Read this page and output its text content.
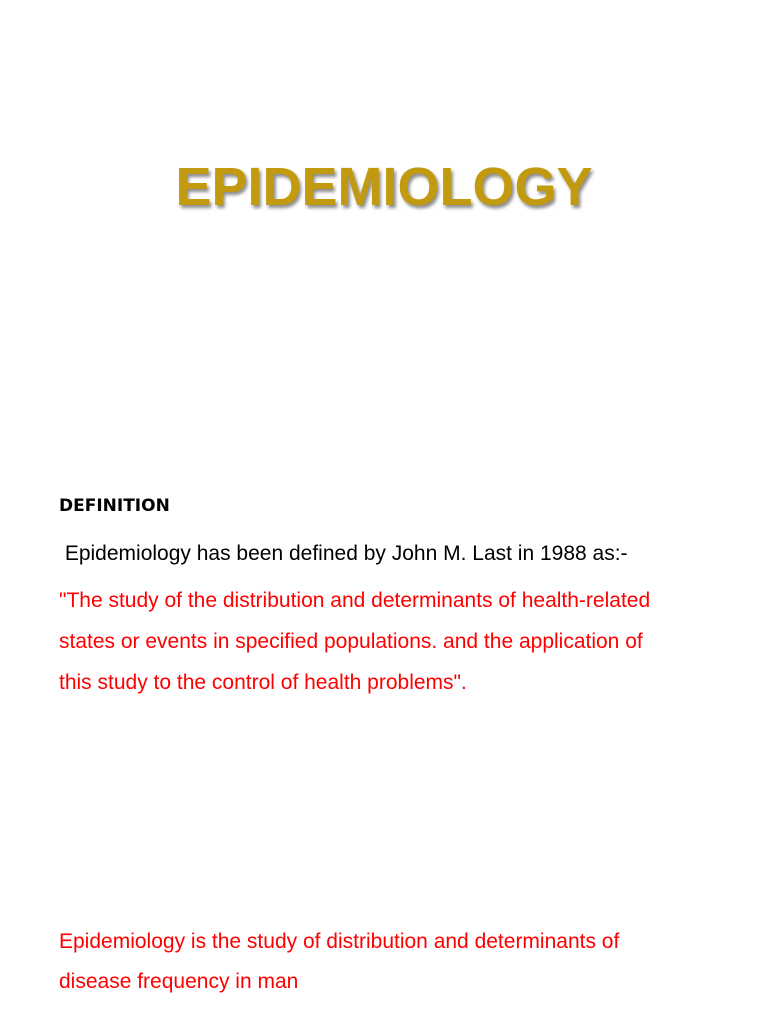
EPIDEMIOLOGY
DEFINITION
Epidemiology has been defined by John M. Last in 1988 as:-
"The study of the distribution and determinants of health-related
states or events in specified populations. and the application of
this study to the control of health problems".
Epidemiology is the study of distribution and determinants of
disease frequency in man
